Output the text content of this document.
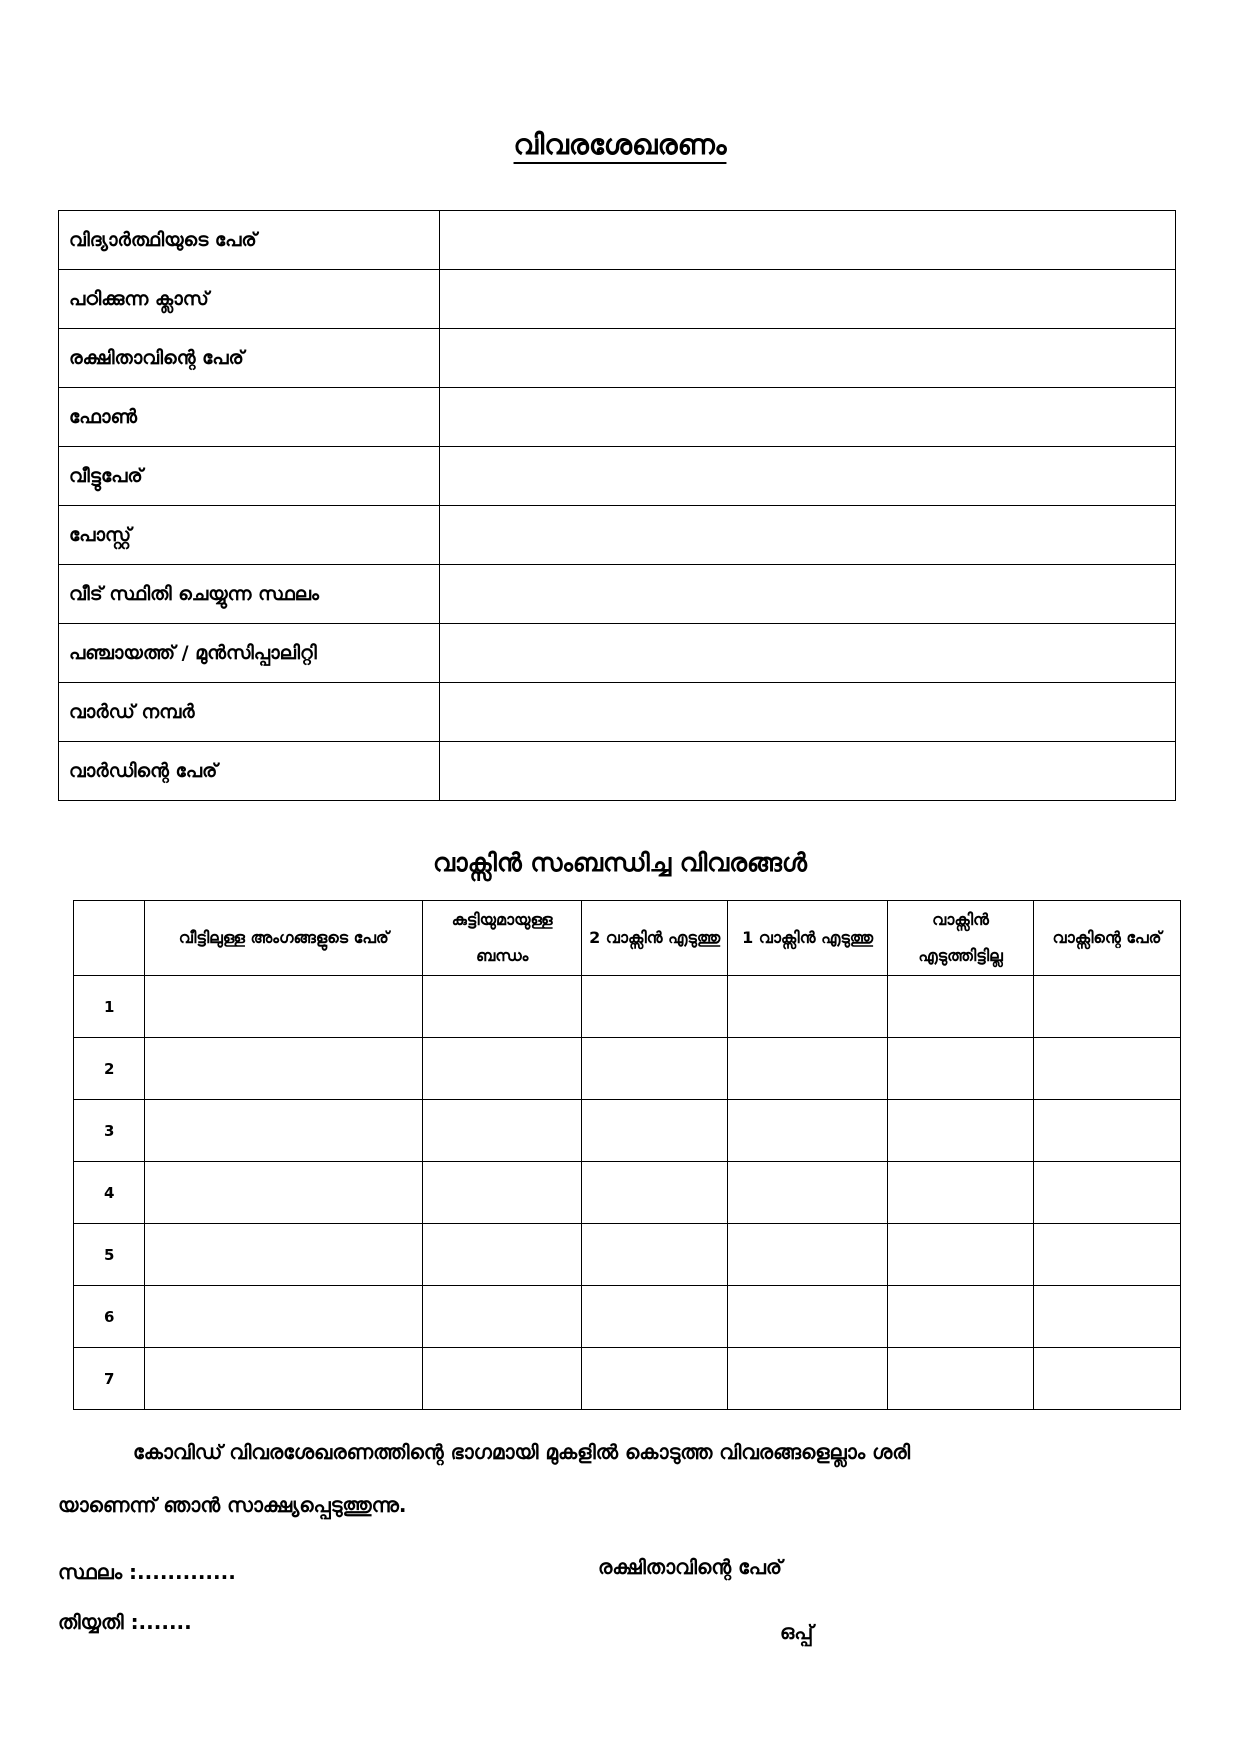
വിവരശേഖരണം
വിദ്യാർത്ഥിയുടെ പേര്	
പഠിക്കുന്ന ക്ലാസ്	
രക്ഷിതാവിന്റെ പേര്	
ഫോൺ	
വീട്ടുപേര്	
പോസ്റ്റ്	
വീട് സ്ഥിതി ചെയ്യുന്ന സ്ഥലം	
പഞ്ചായത്ത് / മുൻസിപ്പാലിറ്റി	
വാർഡ് നമ്പർ	
വാർഡിന്റെ പേര്	
വാക്സിൻ സംബന്ധിച്ച വിവരങ്ങൾ
	വീട്ടിലുള്ള അംഗങ്ങളുടെ പേര്	കുട്ടിയുമായുള്ള ബന്ധം	2 വാക്സിൻ എടുത്തു	1 വാക്സിൻ എടുത്തു	വാക്സിൻ എടുത്തിട്ടില്ല	വാക്സിന്റെ പേര്
1						
2						
3						
4						
5						
6						
7						
കോവിഡ് വിവരശേഖരണത്തിന്റെ ഭാഗമായി മുകളിൽ കൊടുത്ത വിവരങ്ങളെല്ലാം ശരി
യാണെന്ന് ഞാൻ സാക്ഷ്യപ്പെടുത്തുന്നു.
സ്ഥലം :.............
തിയ്യതി :.......
രക്ഷിതാവിന്റെ പേര്
ഒപ്പ്
